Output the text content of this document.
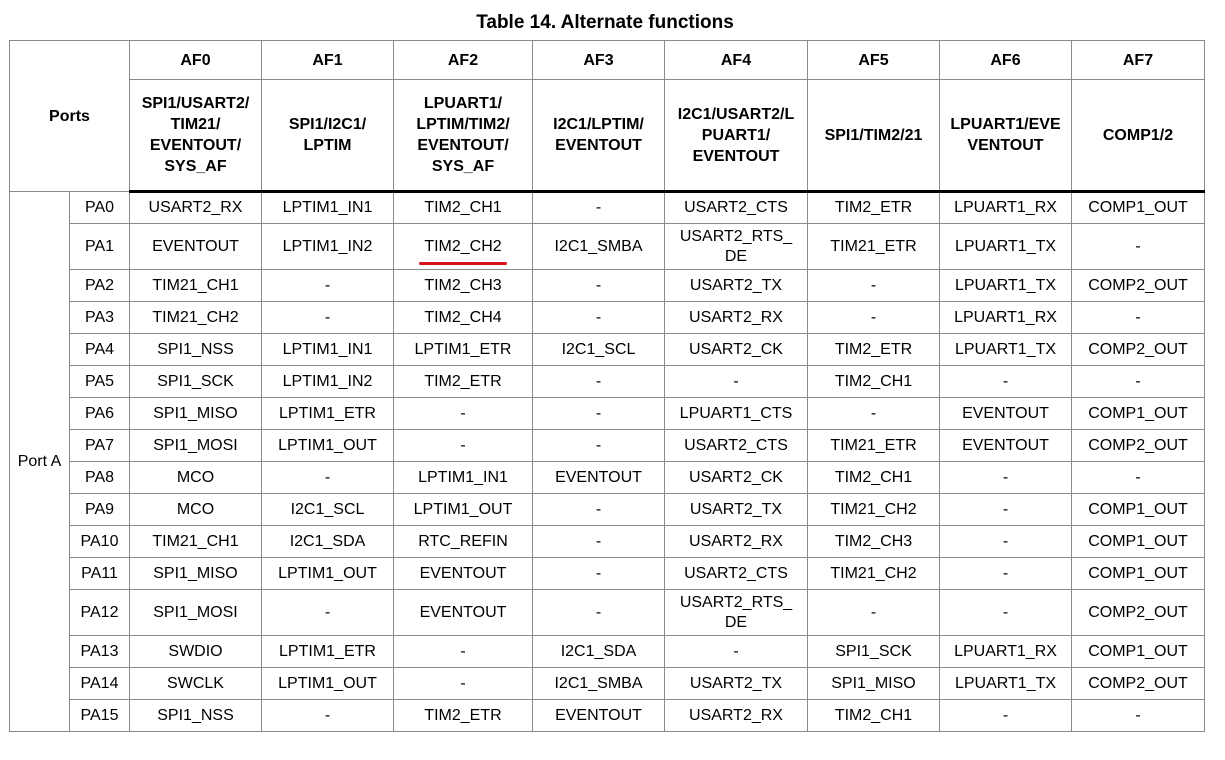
Table 14. Alternate functions
Ports		AF0	AF1	AF2	AF3	AF4	AF5	AF6	AF7
		SPI1/USART2/
TIM21/
EVENTOUT/
SYS_AF	SPI1/I2C1/
LPTIM	LPUART1/
LPTIM/TIM2/
EVENTOUT/
SYS_AF	I2C1/LPTIM/
EVENTOUT	I2C1/USART2/L
PUART1/
EVENTOUT	SPI1/TIM2/21	LPUART1/EVE
VENTOUT	COMP1/2
Port A	PA0	USART2_RX	LPTIM1_IN1	TIM2_CH1	-	USART2_CTS	TIM2_ETR	LPUART1_RX	COMP1_OUT
	PA1	EVENTOUT	LPTIM1_IN2	TIM2_CH2	I2C1_SMBA	USART2_RTS_
DE	TIM21_ETR	LPUART1_TX	-
	PA2	TIM21_CH1	-	TIM2_CH3	-	USART2_TX	-	LPUART1_TX	COMP2_OUT
	PA3	TIM21_CH2	-	TIM2_CH4	-	USART2_RX	-	LPUART1_RX	-
	PA4	SPI1_NSS	LPTIM1_IN1	LPTIM1_ETR	I2C1_SCL	USART2_CK	TIM2_ETR	LPUART1_TX	COMP2_OUT
	PA5	SPI1_SCK	LPTIM1_IN2	TIM2_ETR	-	-	TIM2_CH1	-	-
	PA6	SPI1_MISO	LPTIM1_ETR	-	-	LPUART1_CTS	-	EVENTOUT	COMP1_OUT
	PA7	SPI1_MOSI	LPTIM1_OUT	-	-	USART2_CTS	TIM21_ETR	EVENTOUT	COMP2_OUT
	PA8	MCO	-	LPTIM1_IN1	EVENTOUT	USART2_CK	TIM2_CH1	-	-
	PA9	MCO	I2C1_SCL	LPTIM1_OUT	-	USART2_TX	TIM21_CH2	-	COMP1_OUT
	PA10	TIM21_CH1	I2C1_SDA	RTC_REFIN	-	USART2_RX	TIM2_CH3	-	COMP1_OUT
	PA11	SPI1_MISO	LPTIM1_OUT	EVENTOUT	-	USART2_CTS	TIM21_CH2	-	COMP1_OUT
	PA12	SPI1_MOSI	-	EVENTOUT	-	USART2_RTS_
DE	-	-	COMP2_OUT
	PA13	SWDIO	LPTIM1_ETR	-	I2C1_SDA	-	SPI1_SCK	LPUART1_RX	COMP1_OUT
	PA14	SWCLK	LPTIM1_OUT	-	I2C1_SMBA	USART2_TX	SPI1_MISO	LPUART1_TX	COMP2_OUT
	PA15	SPI1_NSS	-	TIM2_ETR	EVENTOUT	USART2_RX	TIM2_CH1	-	-
